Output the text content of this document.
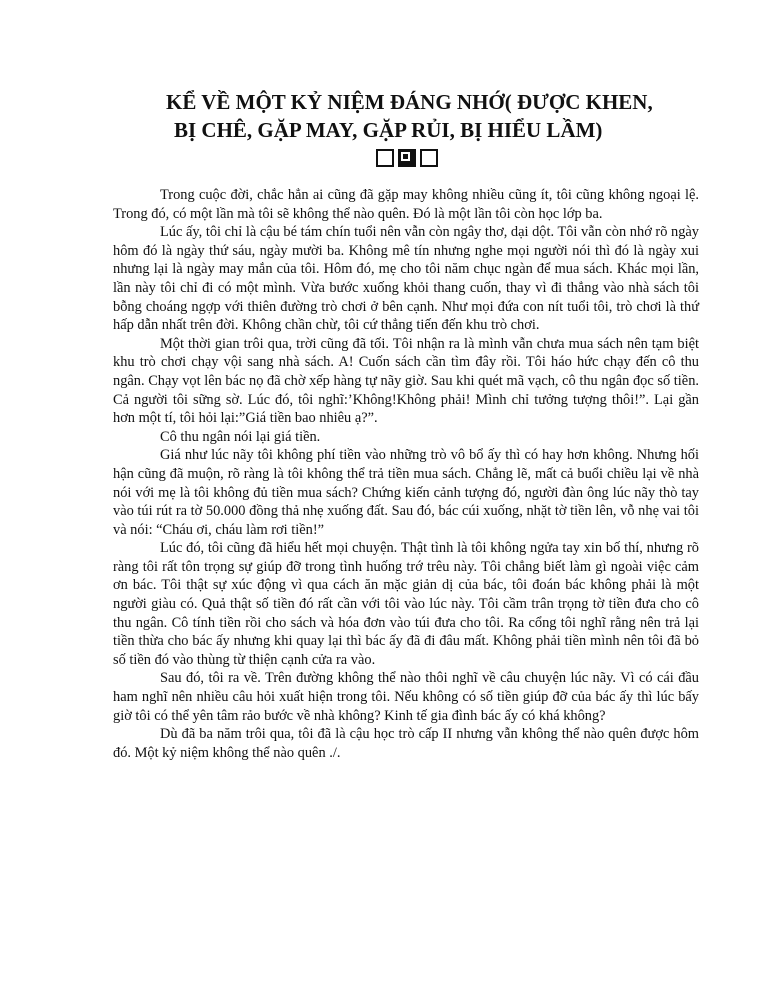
KỂ VỀ MỘT KỶ NIỆM ĐÁNG NHỚ( ĐƯỢC KHEN,
BỊ CHÊ, GẶP MAY, GẶP RỦI, BỊ HIỂU LẦM)

Trong cuộc đời, chắc hẳn ai cũng đã gặp may không nhiều cũng ít, tôi cũng không ngoại lệ. Trong đó, có một lần mà tôi sẽ không thể nào quên. Đó là một lần tôi còn học lớp ba.

Lúc ấy, tôi chỉ là cậu bé tám chín tuổi nên vẫn còn ngây thơ, dại dột. Tôi vẫn còn nhớ rõ ngày hôm đó là ngày thứ sáu, ngày mười ba. Không mê tín nhưng nghe mọi người nói thì đó là ngày xui nhưng lại là ngày may mắn của tôi. Hôm đó, mẹ cho tôi năm chục ngàn để mua sách. Khác mọi lần, lần này tôi chỉ đi có một mình. Vừa bước xuống khỏi thang cuốn, thay vì đi thẳng vào nhà sách tôi bỗng choáng ngợp với thiên đường trò chơi ở bên cạnh. Như mọi đứa con nít tuổi tôi, trò chơi là thứ hấp dẫn nhất trên đời. Không chần chừ, tôi cứ thẳng tiến đến khu trò chơi.

Một thời gian trôi qua, trời cũng đã tối. Tôi nhận ra là mình vẫn chưa mua sách nên tạm biệt khu trò chơi chạy vội sang nhà sách. A! Cuốn sách cần tìm đây rồi. Tôi háo hức chạy đến cô thu ngân. Chạy vọt lên bác nọ đã chờ xếp hàng tự nãy giờ. Sau khi quét mã vạch, cô thu ngân đọc số tiền. Cả người tôi sững sờ. Lúc đó, tôi nghĩ:’Không!Không phải! Mình chỉ tưởng tượng thôi!”. Lại gần hơn một tí, tôi hỏi lại:”Giá tiền bao nhiêu ạ?”.

Cô thu ngân nói lại giá tiền.

Giá như lúc nãy tôi không phí tiền vào những trò vô bổ ấy thì có hay hơn không. Nhưng hối hận cũng đã muộn, rõ ràng là tôi không thể trả tiền mua sách. Chẳng lẽ, mất cả buổi chiều lại về nhà nói với mẹ là tôi không đủ tiền mua sách? Chứng kiến cảnh tượng đó, người đàn ông lúc nãy thò tay vào túi rút ra tờ 50.000 đồng thả nhẹ xuống đất. Sau đó, bác cúi xuống, nhặt tờ tiền lên, vỗ nhẹ vai tôi và nói: “Cháu ơi, cháu làm rơi tiền!”

Lúc đó, tôi cũng đã hiểu hết mọi chuyện. Thật tình là tôi không ngửa tay xin bố thí, nhưng rõ ràng tôi rất tôn trọng sự giúp đỡ trong tình huống trớ trêu này. Tôi chẳng biết làm gì ngoài việc cảm ơn bác. Tôi thật sự xúc động vì qua cách ăn mặc giản dị của bác, tôi đoán bác không phải là một người giàu có. Quả thật số tiền đó rất cần với tôi vào lúc này. Tôi cầm trân trọng tờ tiền đưa cho cô thu ngân. Cô tính tiền rồi cho sách và hóa đơn vào túi đưa cho tôi. Ra cổng tôi nghĩ rằng nên trả lại tiền thừa cho bác ấy nhưng khi quay lại thì bác ấy đã đi đâu mất. Không phải tiền mình nên tôi đã bỏ số tiền đó vào thùng từ thiện cạnh cửa ra vào.

Sau đó, tôi ra về. Trên đường không thể nào thôi nghĩ về câu chuyện lúc nãy. Vì có cái đầu ham nghĩ nên nhiều câu hỏi xuất hiện trong tôi. Nếu không có số tiền giúp đỡ của bác ấy thì lúc bấy giờ tôi có thể yên tâm rảo bước về nhà không? Kinh tế gia đình bác ấy có khá không?

Dù đã ba năm trôi qua, tôi đã là cậu học trò cấp II nhưng vẫn không thể nào quên được hôm đó. Một kỷ niệm không thể nào quên ./.
